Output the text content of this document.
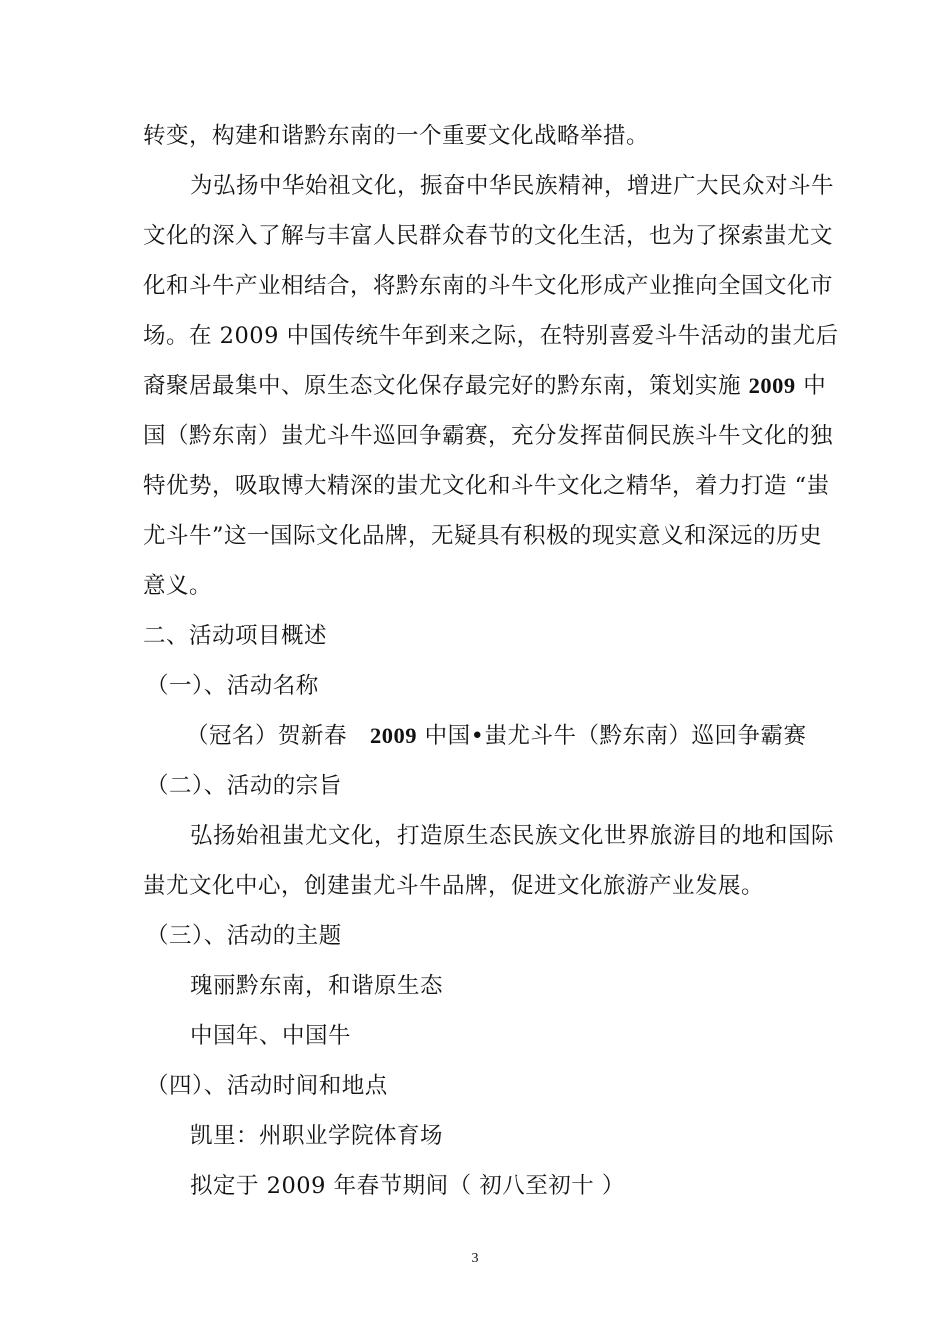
转变，构建和谐黔东南的一个重要文化战略举措。
为弘扬中华始祖文化，振奋中华民族精神，增进广大民众对斗牛
文化的深入了解与丰富人民群众春节的文化生活，也为了探索蚩尤文
化和斗牛产业相结合，将黔东南的斗牛文化形成产业推向全国文化市
场。在 2009 中国传统牛年到来之际，在特别喜爱斗牛活动的蚩尤后
裔聚居最集中、原生态文化保存最完好的黔东南，策划实施 2009 中
国（黔东南）蚩尤斗牛巡回争霸赛，充分发挥苗侗民族斗牛文化的独
特优势，吸取博大精深的蚩尤文化和斗牛文化之精华，着力打造 “蚩
尤斗牛”这一国际文化品牌，无疑具有积极的现实意义和深远的历史
意义。
二、活动项目概述
（一）、活动名称
（冠名）贺新春　2009 中国•蚩尤斗牛（黔东南）巡回争霸赛
（二）、活动的宗旨
弘扬始祖蚩尤文化，打造原生态民族文化世界旅游目的地和国际
蚩尤文化中心，创建蚩尤斗牛品牌，促进文化旅游产业发展。
（三）、活动的主题
瑰丽黔东南，和谐原生态
中国年、中国牛
（四）、活动时间和地点
凯里：州职业学院体育场
拟定于 2009 年春节期间（ 初八至初十 ）
3
